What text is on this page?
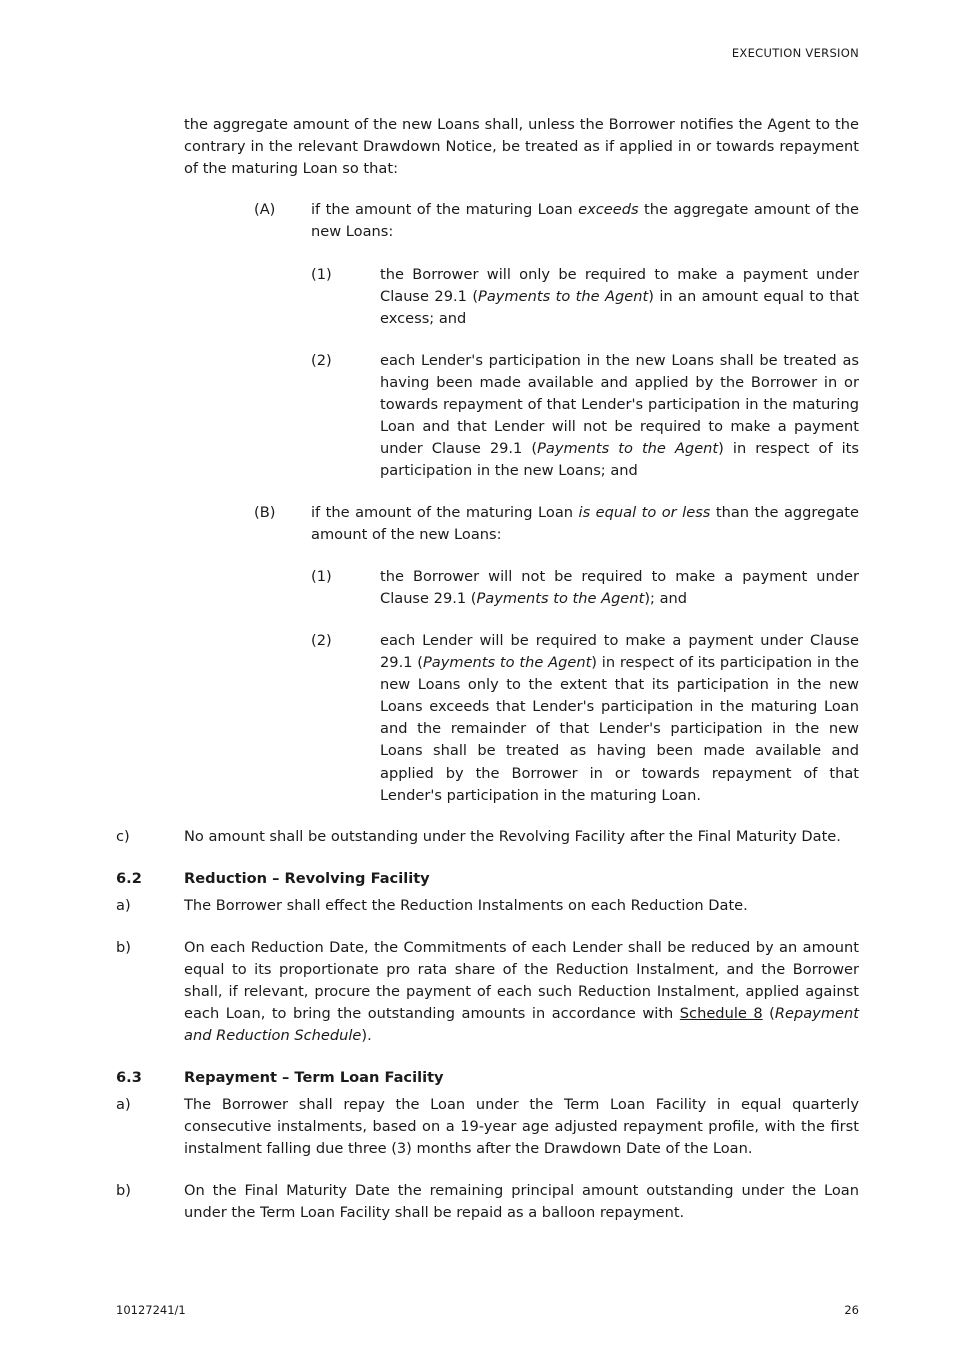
EXECUTION VERSION

the aggregate amount of the new Loans shall, unless the Borrower notifies the Agent to the contrary in the relevant Drawdown Notice, be treated as if applied in or towards repayment of the maturing Loan so that:

(A) if the amount of the maturing Loan exceeds the aggregate amount of the new Loans:

(1)	the Borrower will only be required to make a payment under Clause 29.1 (Payments to the Agent) in an amount equal to that excess; and

(2)	each Lender's participation in the new Loans shall be treated as having been made available and applied by the Borrower in or towards repayment of that Lender's participation in the maturing Loan and that Lender will not be required to make a payment under Clause 29.1 (Payments to the Agent) in respect of its participation in the new Loans; and

(B) if the amount of the maturing Loan is equal to or less than the aggregate amount of the new Loans:

(1)	the Borrower will not be required to make a payment under Clause 29.1 (Payments to the Agent); and

(2)	each Lender will be required to make a payment under Clause 29.1 (Payments to the Agent) in respect of its participation in the new Loans only to the extent that its participation in the new Loans exceeds that Lender's participation in the maturing Loan and the remainder of that Lender's participation in the new Loans shall be treated as having been made available and applied by the Borrower in or towards repayment of that Lender's participation in the maturing Loan.

c)	No amount shall be outstanding under the Revolving Facility after the Final Maturity Date.

6.2	Reduction – Revolving Facility
a)	The Borrower shall effect the Reduction Instalments on each Reduction Date.

b)	On each Reduction Date, the Commitments of each Lender shall be reduced by an amount equal to its proportionate pro rata share of the Reduction Instalment, and the Borrower shall, if relevant, procure the payment of each such Reduction Instalment, applied against each Loan, to bring the outstanding amounts in accordance with Schedule 8 (Repayment and Reduction Schedule).

6.3	Repayment – Term Loan Facility
a)	The Borrower shall repay the Loan under the Term Loan Facility in equal quarterly consecutive instalments, based on a 19-year age adjusted repayment profile, with the first instalment falling due three (3) months after the Drawdown Date of the Loan.

b)	On the Final Maturity Date the remaining principal amount outstanding under the Loan under the Term Loan Facility shall be repaid as a balloon repayment.

10127241/1	26
